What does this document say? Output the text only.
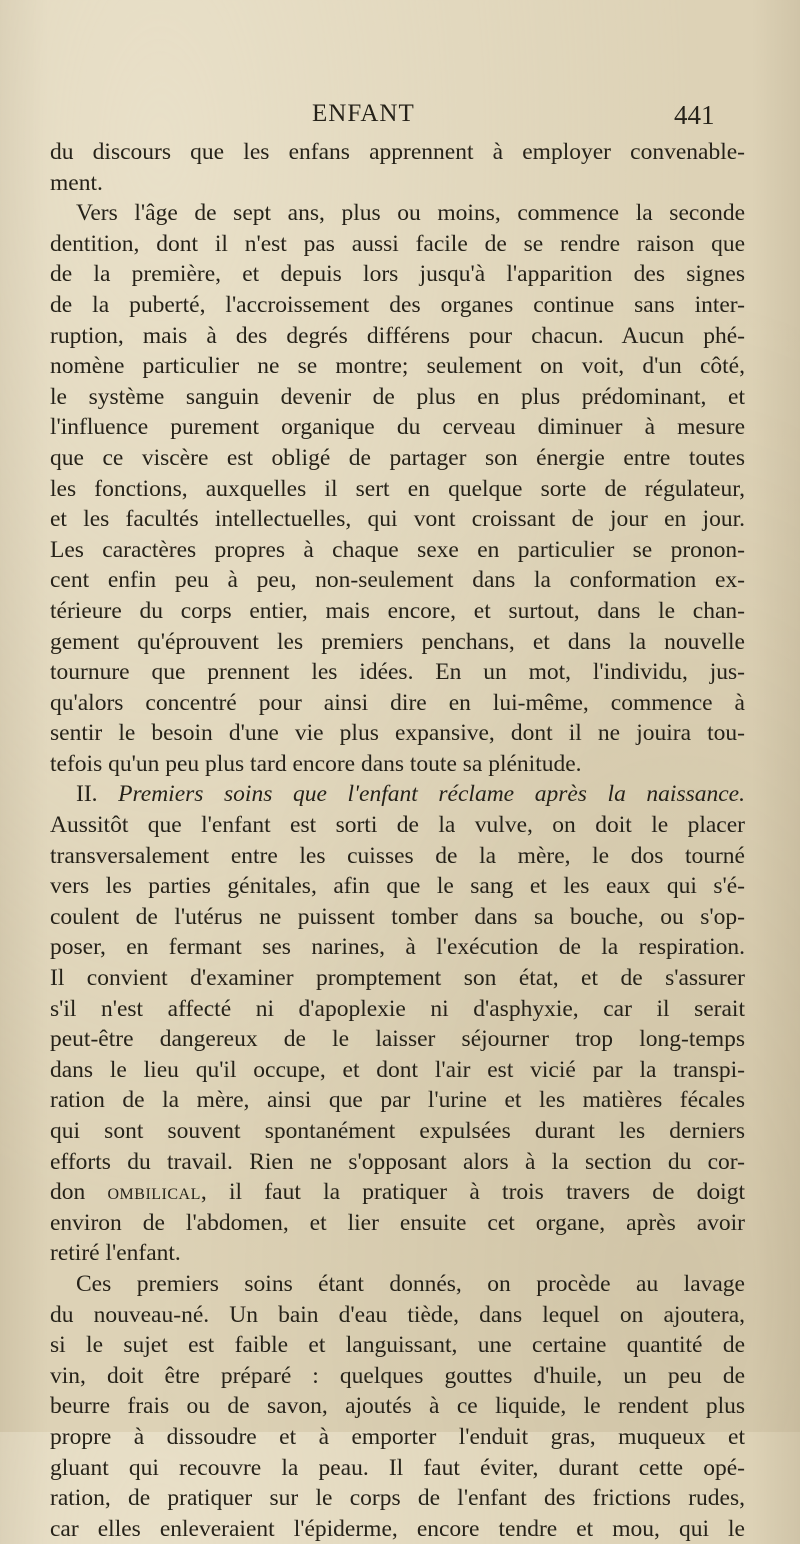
ENFANT	441
du discours que les enfans apprennent à employer convenable-
ment.
Vers l'âge de sept ans, plus ou moins, commence la seconde
dentition, dont il n'est pas aussi facile de se rendre raison que
de la première, et depuis lors jusqu'à l'apparition des signes
de la puberté, l'accroissement des organes continue sans inter-
ruption, mais à des degrés différens pour chacun. Aucun phé-
nomène particulier ne se montre; seulement on voit, d'un côté,
le système sanguin devenir de plus en plus prédominant, et
l'influence purement organique du cerveau diminuer à mesure
que ce viscère est obligé de partager son énergie entre toutes
les fonctions, auxquelles il sert en quelque sorte de régulateur,
et les facultés intellectuelles, qui vont croissant de jour en jour.
Les caractères propres à chaque sexe en particulier se pronon-
cent enfin peu à peu, non-seulement dans la conformation ex-
térieure du corps entier, mais encore, et surtout, dans le chan-
gement qu'éprouvent les premiers penchans, et dans la nouvelle
tournure que prennent les idées. En un mot, l'individu, jus-
qu'alors concentré pour ainsi dire en lui-même, commence à
sentir le besoin d'une vie plus expansive, dont il ne jouira tou-
tefois qu'un peu plus tard encore dans toute sa plénitude.
II. Premiers soins que l'enfant réclame après la naissance.
Aussitôt que l'enfant est sorti de la vulve, on doit le placer
transversalement entre les cuisses de la mère, le dos tourné
vers les parties génitales, afin que le sang et les eaux qui s'é-
coulent de l'utérus ne puissent tomber dans sa bouche, ou s'op-
poser, en fermant ses narines, à l'exécution de la respiration.
Il convient d'examiner promptement son état, et de s'assurer
s'il n'est affecté ni d'apoplexie ni d'asphyxie, car il serait
peut-être dangereux de le laisser séjourner trop long-temps
dans le lieu qu'il occupe, et dont l'air est vicié par la transpi-
ration de la mère, ainsi que par l'urine et les matières fécales
qui sont souvent spontanément expulsées durant les derniers
efforts du travail. Rien ne s'opposant alors à la section du cor-
don ombilical, il faut la pratiquer à trois travers de doigt
environ de l'abdomen, et lier ensuite cet organe, après avoir
retiré l'enfant.
Ces premiers soins étant donnés, on procède au lavage
du nouveau-né. Un bain d'eau tiède, dans lequel on ajoutera,
si le sujet est faible et languissant, une certaine quantité de
vin, doit être préparé : quelques gouttes d'huile, un peu de
beurre frais ou de savon, ajoutés à ce liquide, le rendent plus
propre à dissoudre et à emporter l'enduit gras, muqueux et
gluant qui recouvre la peau. Il faut éviter, durant cette opé-
ration, de pratiquer sur le corps de l'enfant des frictions rudes,
car elles enleveraient l'épiderme, encore tendre et mou, qui le
